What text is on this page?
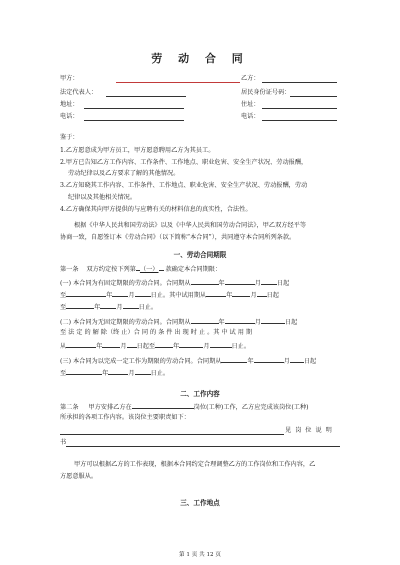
劳 动 合 同
甲方：	乙方：
法定代表人：	居民身份证号码：
地址：	住址：
电话：	电话：
鉴于：
1.乙方愿意成为甲方员工，甲方愿意聘用乙方为其员工。
2.甲方已告知乙方工作内容、工作条件、工作地点、职业危害、安全生产状况、劳动报酬，
劳动纪律以及乙方要求了解的其他情况。
3.乙方知晓其工作内容、工作条件、工作地点、职业危害、安全生产状况、劳动报酬，劳动
纪律以及其他相关情况。
4.乙方确保其向甲方提供的与应聘有关的材料信息的真实性，合法性。
根据《中华人民共和国劳动法》以及《中华人民共和国劳动合同法》，甲乙双方经平等
协商一致，自愿签订本《劳动合同》（以下简称“本合同”），共同遵守本合同所列条款。
一、劳动合同期限
第一条 双方约定按下列第 （一） 款确定本合同期限：
(一) 本合同为有固定期限的劳动合同。合同期从	年	月	日起
至	年	月	日止。其中试用期从	年	月 日起
至	年	月	日止。
(二) 本合同为无固定期限的劳动合同。合同期从	年	月	日起
至 法 定 的 解 除（终 止）合 同 的 条 件 出 现 时 止 。其 中 试 用 期
从	年	月 日起至	年	月	日止。
(三) 本合同为以完成一定工作为期限的劳动合同。合同期从	年	月 日起
至	年	月	日止。
二、工作内容
第二条 甲方安排乙方在	岗位(工种)工作，乙方应完成该岗位(工种)
所承担的各项工作内容。该岗位主要职责如下：
见 岗 位 说 明
书
甲方可以根据乙方的工作表现，根据本合同约定合理调整乙方的工作岗位和工作内容，乙
方愿意服从。
三、工作地点
第 1 页 共 12 页
